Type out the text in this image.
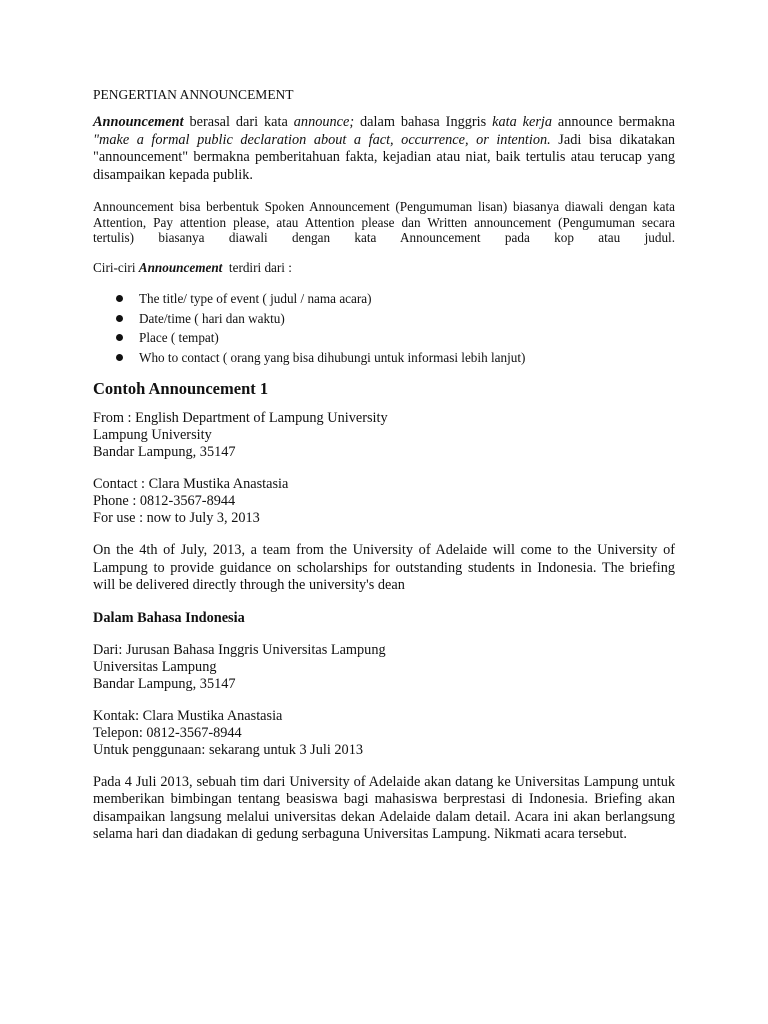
PENGERTIAN ANNOUNCEMENT

Announcement berasal dari kata announce; dalam bahasa Inggris kata kerja announce bermakna "make a formal public declaration about a fact, occurrence, or intention. Jadi bisa dikatakan "announcement" bermakna pemberitahuan fakta, kejadian atau niat, baik tertulis atau terucap yang disampaikan kepada publik.

Announcement bisa berbentuk Spoken Announcement (Pengumuman lisan) biasanya diawali dengan kata Attention, Pay attention please, atau Attention please dan Written announcement (Pengumuman secara tertulis) biasanya diawali dengan kata Announcement pada kop atau judul.

Ciri-ciri Announcement  terdiri dari :

The title/ type of event ( judul / nama acara)
Date/time ( hari dan waktu)
Place ( tempat)
Who to contact ( orang yang bisa dihubungi untuk informasi lebih lanjut)
Contoh Announcement 1
From : English Department of Lampung University
Lampung University
Bandar Lampung, 35147
Contact : Clara Mustika Anastasia
Phone : 0812-3567-8944
For use : now to July 3, 2013

On the 4th of July, 2013, a team from the University of Adelaide will come to the University of Lampung to provide guidance on scholarships for outstanding students in Indonesia. The briefing will be delivered directly through the university's dean

Dalam Bahasa Indonesia
Dari: Jurusan Bahasa Inggris Universitas Lampung
Universitas Lampung
Bandar Lampung, 35147
Kontak: Clara Mustika Anastasia
Telepon: 0812-3567-8944
Untuk penggunaan: sekarang untuk 3 Juli 2013

Pada 4 Juli 2013, sebuah tim dari University of Adelaide akan datang ke Universitas Lampung untuk memberikan bimbingan tentang beasiswa bagi mahasiswa berprestasi di Indonesia. Briefing akan disampaikan langsung melalui universitas dekan Adelaide dalam detail. Acara ini akan berlangsung selama hari dan diadakan di gedung serbaguna Universitas Lampung. Nikmati acara tersebut.
